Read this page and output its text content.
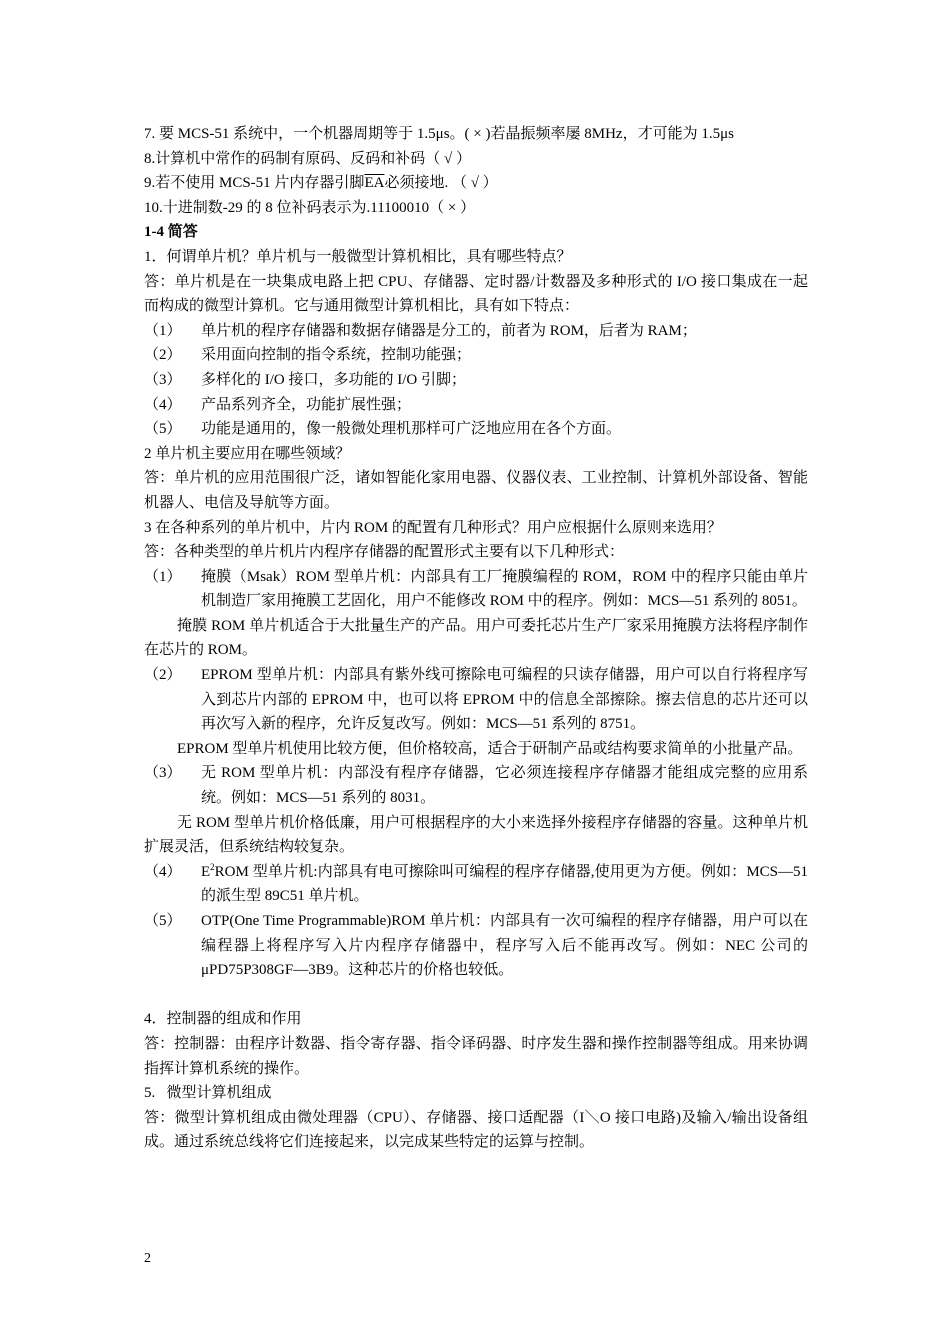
7. 要 MCS-51 系统中，一个机器周期等于 1.5μs。( × )若晶振频率屡 8MHz，才可能为 1.5μs
8.计算机中常作的码制有原码、反码和补码（ √ ）
9.若不使用 MCS-51 片内存器引脚$\overline{EA}$必须接地. （ √ ）
10.十进制数-29 的 8 位补码表示为.11100010（ × ）
1-4 简答
1．何谓单片机？单片机与一般微型计算机相比，具有哪些特点？
答：单片机是在一块集成电路上把 CPU、存储器、定时器/计数器及多种形式的 I/O 接口集成在一起而构成的微型计算机。它与通用微型计算机相比，具有如下特点：
（1） 单片机的程序存储器和数据存储器是分工的，前者为 ROM，后者为 RAM；
（2） 采用面向控制的指令系统，控制功能强；
（3） 多样化的 I/O 接口，多功能的 I/O 引脚；
（4） 产品系列齐全，功能扩展性强；
（5） 功能是通用的，像一般微处理机那样可广泛地应用在各个方面。
2 单片机主要应用在哪些领域？
答：单片机的应用范围很广泛，诸如智能化家用电器、仪器仪表、工业控制、计算机外部设备、智能机器人、电信及导航等方面。
3 在各种系列的单片机中，片内 ROM 的配置有几种形式？用户应根据什么原则来选用？
答：各种类型的单片机片内程序存储器的配置形式主要有以下几种形式：
（1） 掩膜（Msak）ROM 型单片机：内部具有工厂掩膜编程的 ROM，ROM 中的程序只能由单片机制造厂家用掩膜工艺固化，用户不能修改 ROM 中的程序。例如：MCS—51 系列的 8051。
掩膜 ROM 单片机适合于大批量生产的产品。用户可委托芯片生产厂家采用掩膜方法将程序制作在芯片的 ROM。
（2） EPROM 型单片机：内部具有紫外线可擦除电可编程的只读存储器，用户可以自行将程序写入到芯片内部的 EPROM 中，也可以将 EPROM 中的信息全部擦除。擦去信息的芯片还可以再次写入新的程序，允许反复改写。例如：MCS—51 系列的 8751。
EPROM 型单片机使用比较方便，但价格较高，适合于研制产品或结构要求简单的小批量产品。
（3） 无 ROM 型单片机：内部没有程序存储器，它必须连接程序存储器才能组成完整的应用系统。例如：MCS—51 系列的 8031。
无 ROM 型单片机价格低廉，用户可根据程序的大小来选择外接程序存储器的容量。这种单片机扩展灵活，但系统结构较复杂。
（4） $E^2ROM$ 型单片机:内部具有电可擦除叫可编程的程序存储器,使用更为方便。例如：MCS—51 的派生型 89C51 单片机。
（5） OTP(One Time Programmable)ROM 单片机：内部具有一次可编程的程序存储器，用户可以在编程器上将程序写入片内程序存储器中，程序写入后不能再改写。例如：NEC 公司的 μPD75P308GF—3B9。这种芯片的价格也较低。
4．控制器的组成和作用
答：控制器：由程序计数器、指令寄存器、指令译码器、时序发生器和操作控制器等组成。用来协调指挥计算机系统的操作。
5.   微型计算机组成
答：微型计算机组成由微处理器（CPU）、存储器、接口适配器（I＼O 接口电路)及输入/输出设备组成。通过系统总线将它们连接起来，以完成某些特定的运算与控制。
2
